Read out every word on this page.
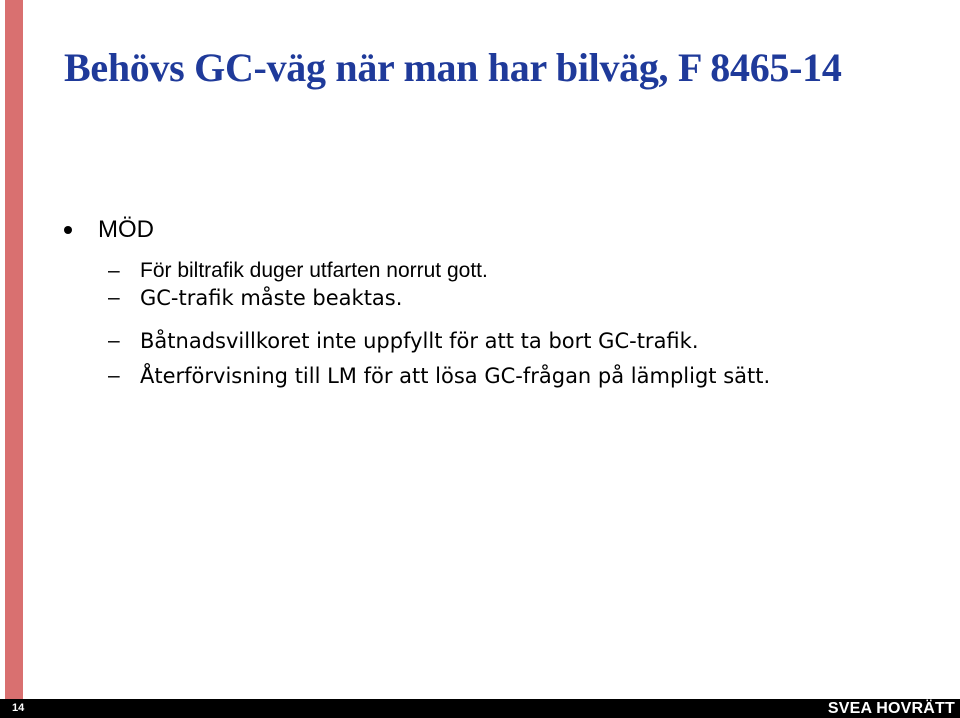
Behövs GC-väg när man har bilväg, F 8465-14
MÖD
– För biltrafik duger utfarten norrut gott.
– GC-trafik måste beaktas.
– Båtnadsvillkoret inte uppfyllt för att ta bort GC-trafik.
– Återförvisning till LM för att lösa GC-frågan på lämpligt sätt.
14	SVEA HOVRÄTT
